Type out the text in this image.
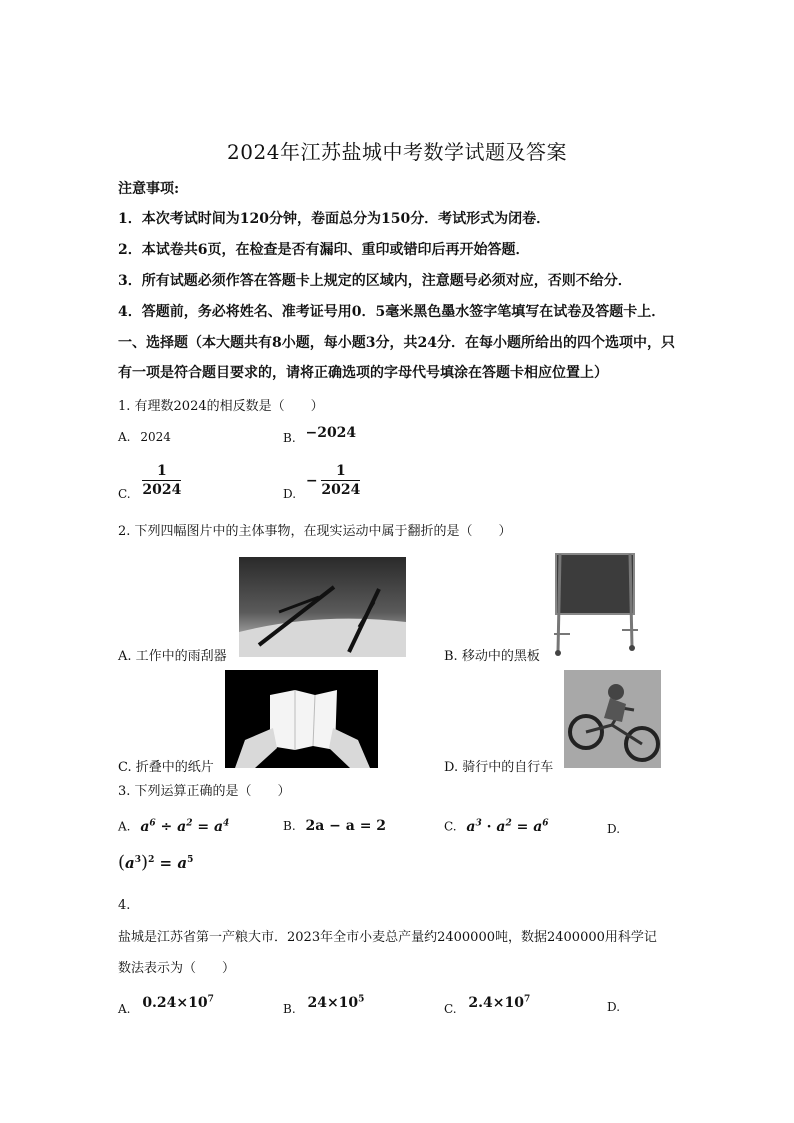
2024年江苏盐城中考数学试题及答案
注意事项:
1．本次考试时间为120分钟，卷面总分为150分．考试形式为闭卷．
2．本试卷共6页，在检查是否有漏印、重印或错印后再开始答题．
3．所有试题必须作答在答题卡上规定的区域内，注意题号必须对应，否则不给分．
4．答题前，务必将姓名、准考证号用0．5毫米黑色墨水签字笔填写在试卷及答题卡上．
一、选择题（本大题共有8小题，每小题3分，共24分．在每小题所给出的四个选项中，只
有一项是符合题目要求的，请将正确选项的字母代号填涂在答题卡相应位置上）
1. 有理数2024的相反数是（　　）
A. 2024	B. −2024
C. $\frac{1}{2024}$	D. − $\frac{1}{2024}$
2. 下列四幅图片中的主体事物，在现实运动中属于翻折的是（　　）
A. 工作中的雨刮器	B. 移动中的黑板
C. 折叠中的纸片	D. 骑行中的自行车
3. 下列运算正确的是（　　）
A. $a^6 \div a^2 = a^4$	B. 2a − a = 2	C. $a^3 \cdot a^2 = a^6$	D.
$(a^3)^2 = a^5$
4.
盐城是江苏省第一产粮大市．2023年全市小麦总产量约2400000吨，数据2400000用科学记
数法表示为（　　）
A. $0.24\times 10^7$
B. $24\times 10^5$
C. $2.4\times 10^7$
D.
